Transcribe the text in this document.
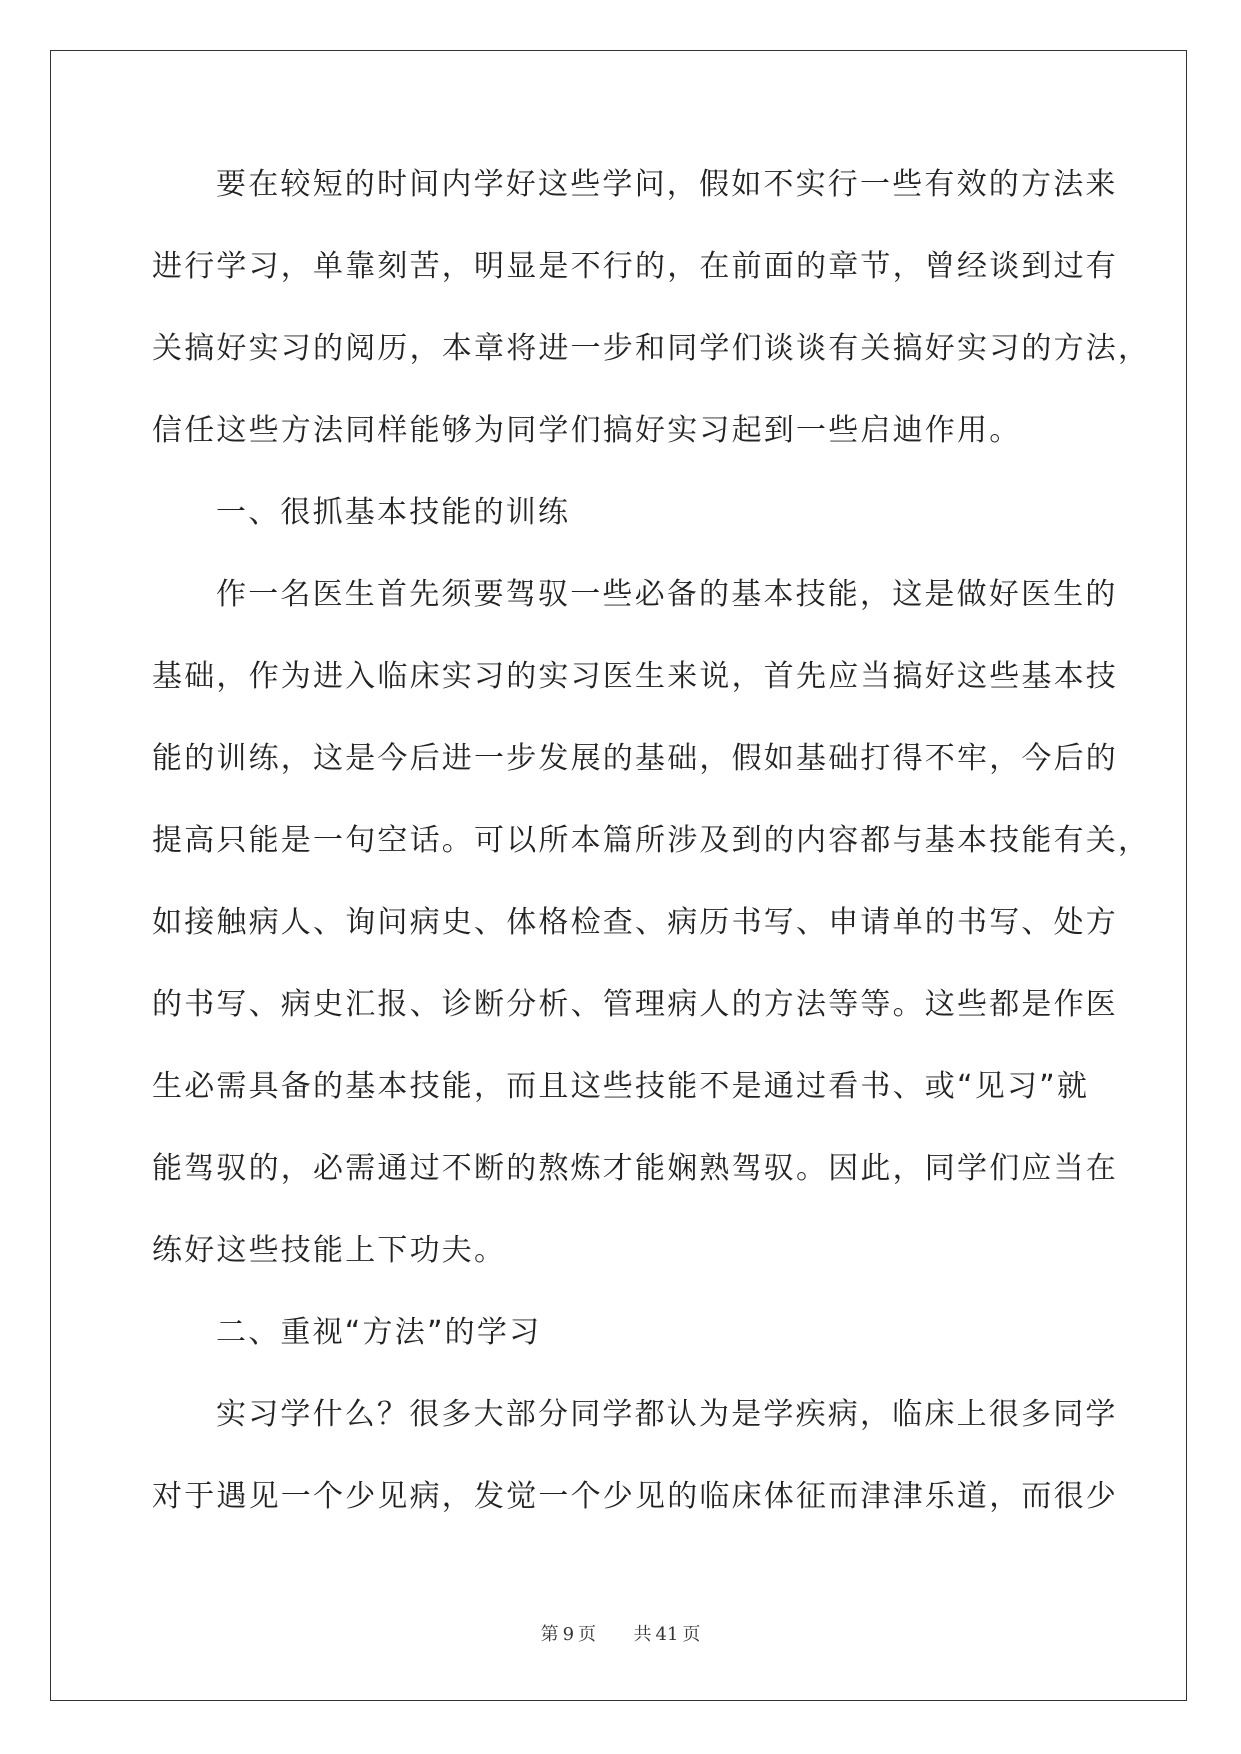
要在较短的时间内学好这些学问，假如不实行一些有效的方法来
进行学习，单靠刻苦，明显是不行的，在前面的章节，曾经谈到过有
关搞好实习的阅历，本章将进一步和同学们谈谈有关搞好实习的方法，
信任这些方法同样能够为同学们搞好实习起到一些启迪作用。
一、很抓基本技能的训练
作一名医生首先须要驾驭一些必备的基本技能，这是做好医生的
基础，作为进入临床实习的实习医生来说，首先应当搞好这些基本技
能的训练，这是今后进一步发展的基础，假如基础打得不牢，今后的
提高只能是一句空话。可以所本篇所涉及到的内容都与基本技能有关，
如接触病人、询问病史、体格检查、病历书写、申请单的书写、处方
的书写、病史汇报、诊断分析、管理病人的方法等等。这些都是作医
生必需具备的基本技能，而且这些技能不是通过看书、或“见习”就
能驾驭的，必需通过不断的熬炼才能娴熟驾驭。因此，同学们应当在
练好这些技能上下功夫。
二、重视“方法”的学习
实习学什么？很多大部分同学都认为是学疾病，临床上很多同学
对于遇见一个少见病，发觉一个少见的临床体征而津津乐道，而很少
第 9 页 共 41 页
